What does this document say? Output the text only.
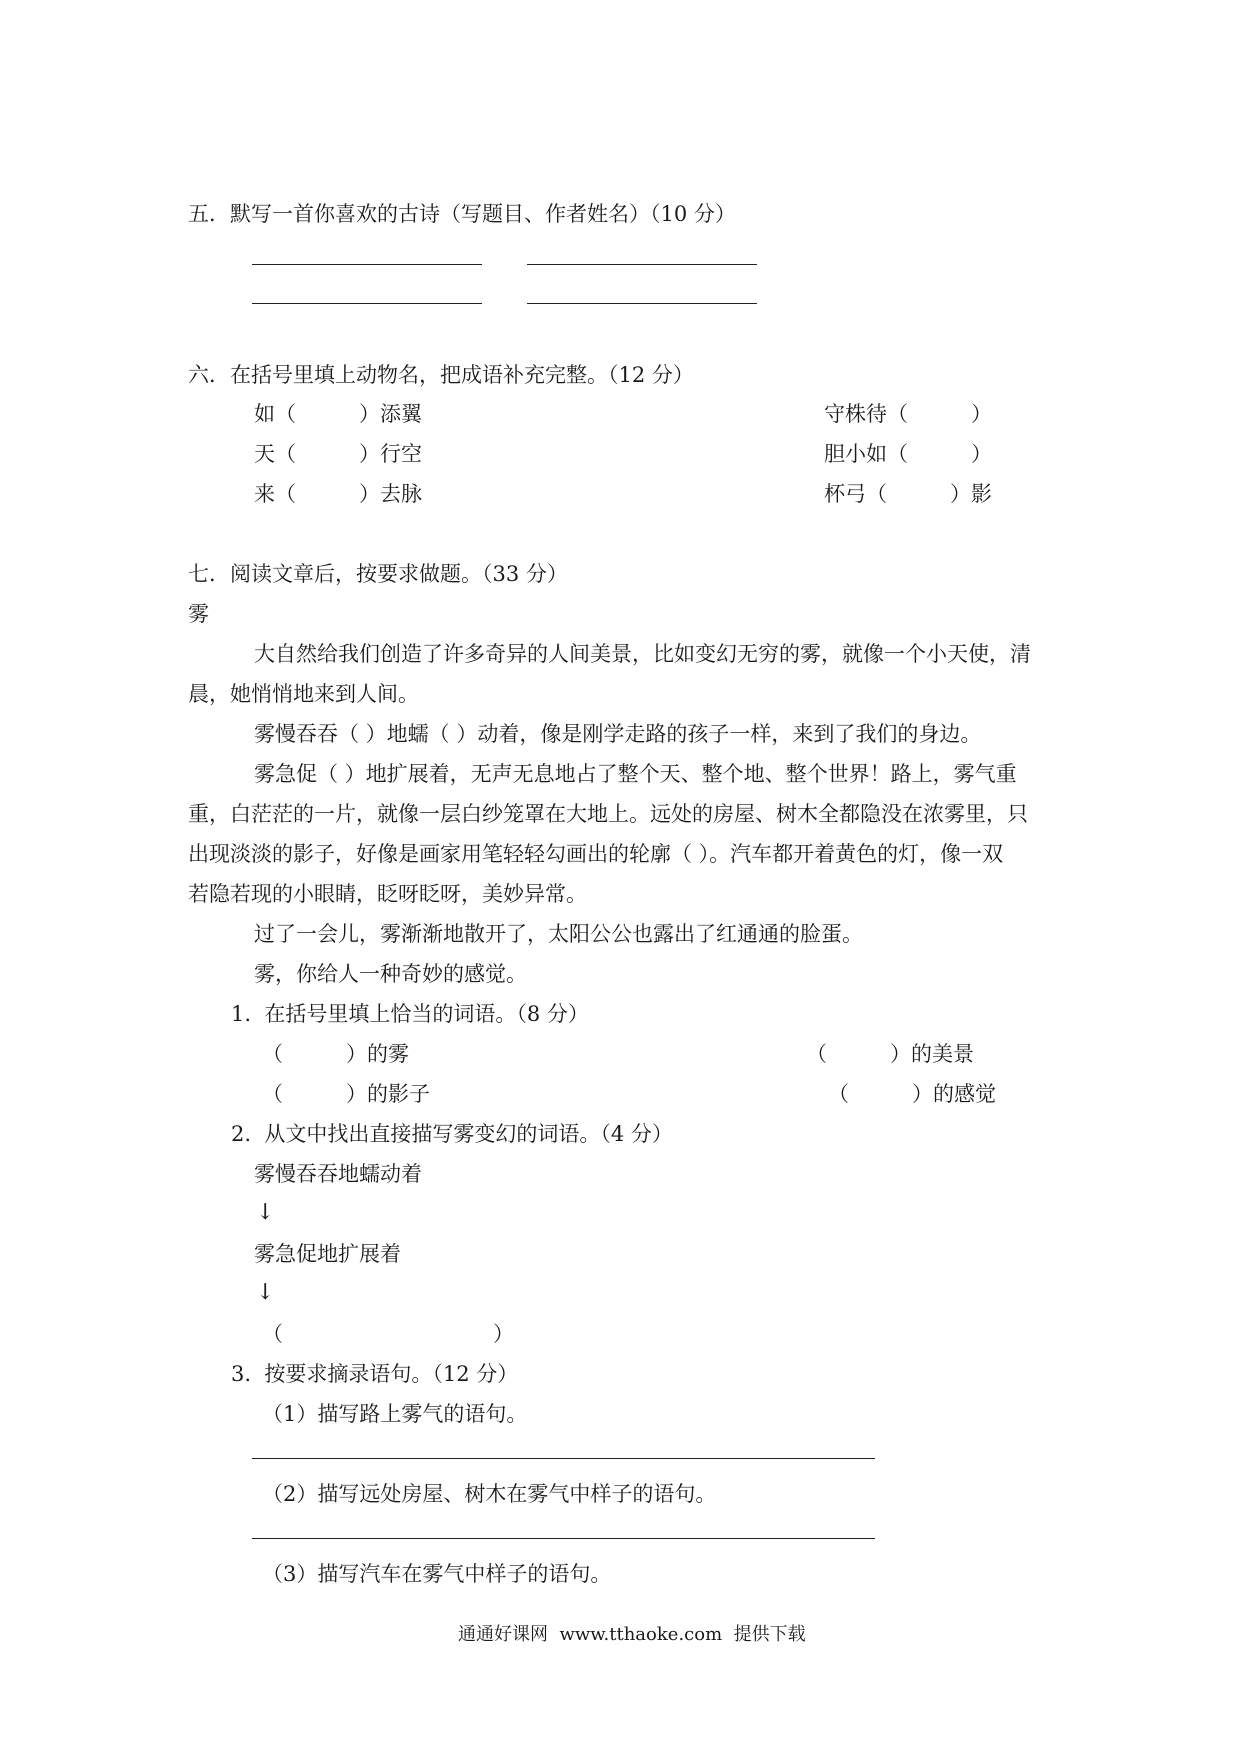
五．默写一首你喜欢的古诗（写题目、作者姓名）（10 分）
六．在括号里填上动物名，把成语补充完整。（12 分）
如（　　　）添翼
天（　　　）行空
来（　　　）去脉
守株待（　　　）
胆小如（　　　）
杯弓（　　　）影
七．阅读文章后，按要求做题。（33 分）
雾
大自然给我们创造了许多奇异的人间美景，比如变幻无穷的雾，就像一个小天使，清
晨，她悄悄地来到人间。
雾慢吞吞（ ）地蠕（ ）动着，像是刚学走路的孩子一样，来到了我们的身边。
雾急促（ ）地扩展着，无声无息地占了整个天、整个地、整个世界！路上，雾气重
重，白茫茫的一片，就像一层白纱笼罩在大地上。远处的房屋、树木全都隐没在浓雾里，只
出现淡淡的影子，好像是画家用笔轻轻勾画出的轮廓（ ）。汽车都开着黄色的灯，像一双
若隐若现的小眼睛，眨呀眨呀，美妙异常。
过了一会儿，雾渐渐地散开了，太阳公公也露出了红通通的脸蛋。
雾，你给人一种奇妙的感觉。
1.  在括号里填上恰当的词语。（8 分）
（　　　）的雾	（　　　）的美景
（　　　）的影子	（　　　）的感觉
2.  从文中找出直接描写雾变幻的词语。（4 分）
雾慢吞吞地蠕动着
↓
雾急促地扩展着
↓
（　　　　　　　　　　）
3.  按要求摘录语句。（12 分）
（1）描写路上雾气的语句。
（2）描写远处房屋、树木在雾气中样子的语句。
（3）描写汽车在雾气中样子的语句。
通通好课网  www.tthaoke.com  提供下载
